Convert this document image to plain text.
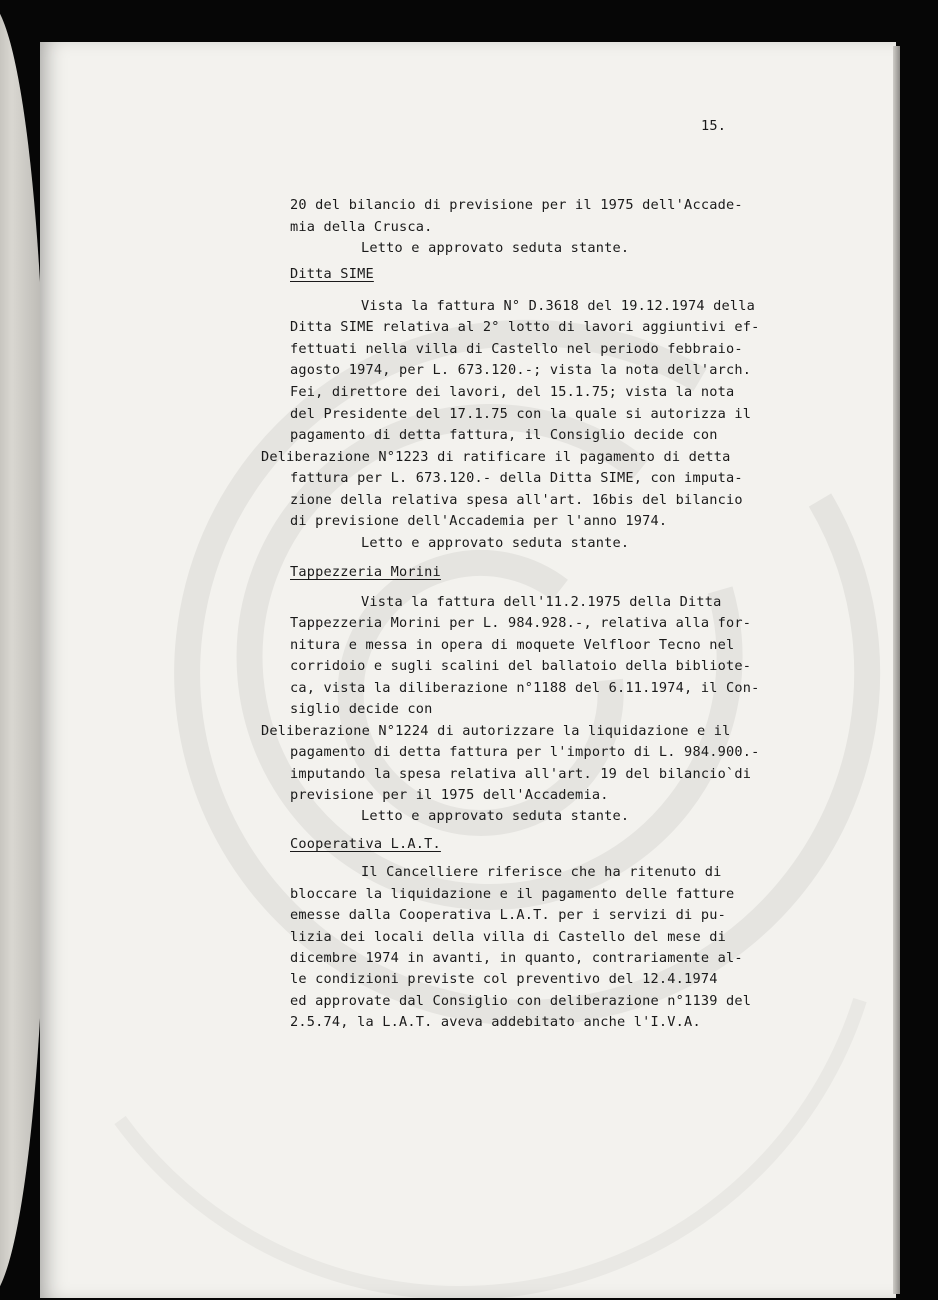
15.
20 del bilancio di previsione per il 1975 dell'Accade-
mia della Crusca.
Letto e approvato seduta stante.
Ditta SIME
Vista la fattura N° D.3618 del 19.12.1974 della
Ditta SIME relativa al 2° lotto di lavori aggiuntivi ef-
fettuati nella villa di Castello nel periodo febbraio-
agosto 1974, per L. 673.120.-; vista la nota dell'arch.
Fei, direttore dei lavori, del 15.1.75; vista la nota
del Presidente del 17.1.75 con la quale si autorizza il
pagamento di detta fattura, il Consiglio decide con
Deliberazione N°1223 di ratificare il pagamento di detta
fattura per L. 673.120.- della Ditta SIME, con imputa-
zione della relativa spesa all'art. 16bis del bilancio
di previsione dell'Accademia per l'anno 1974.
Letto e approvato seduta stante.
Tappezzeria Morini
Vista la fattura dell'11.2.1975 della Ditta
Tappezzeria Morini per L. 984.928.-, relativa alla for-
nitura e messa in opera di moquete Velfloor Tecno nel
corridoio e sugli scalini del ballatoio della bibliote-
ca, vista la diliberazione n°1188 del 6.11.1974, il Con-
siglio decide con
Deliberazione N°1224 di autorizzare la liquidazione e il
pagamento di detta fattura per l'importo di L. 984.900.-
imputando la spesa relativa all'art. 19 del bilancio`di
previsione per il 1975 dell'Accademia.
Letto e approvato seduta stante.
Cooperativa L.A.T.
Il Cancelliere riferisce che ha ritenuto di
bloccare la liquidazione e il pagamento delle fatture
emesse dalla Cooperativa L.A.T. per i servizi di pu-
lizia dei locali della villa di Castello del mese di
dicembre 1974 in avanti, in quanto, contrariamente al-
le condizioni previste col preventivo del 12.4.1974
ed approvate dal Consiglio con deliberazione n°1139 del
2.5.74, la L.A.T. aveva addebitato anche l'I.V.A.
